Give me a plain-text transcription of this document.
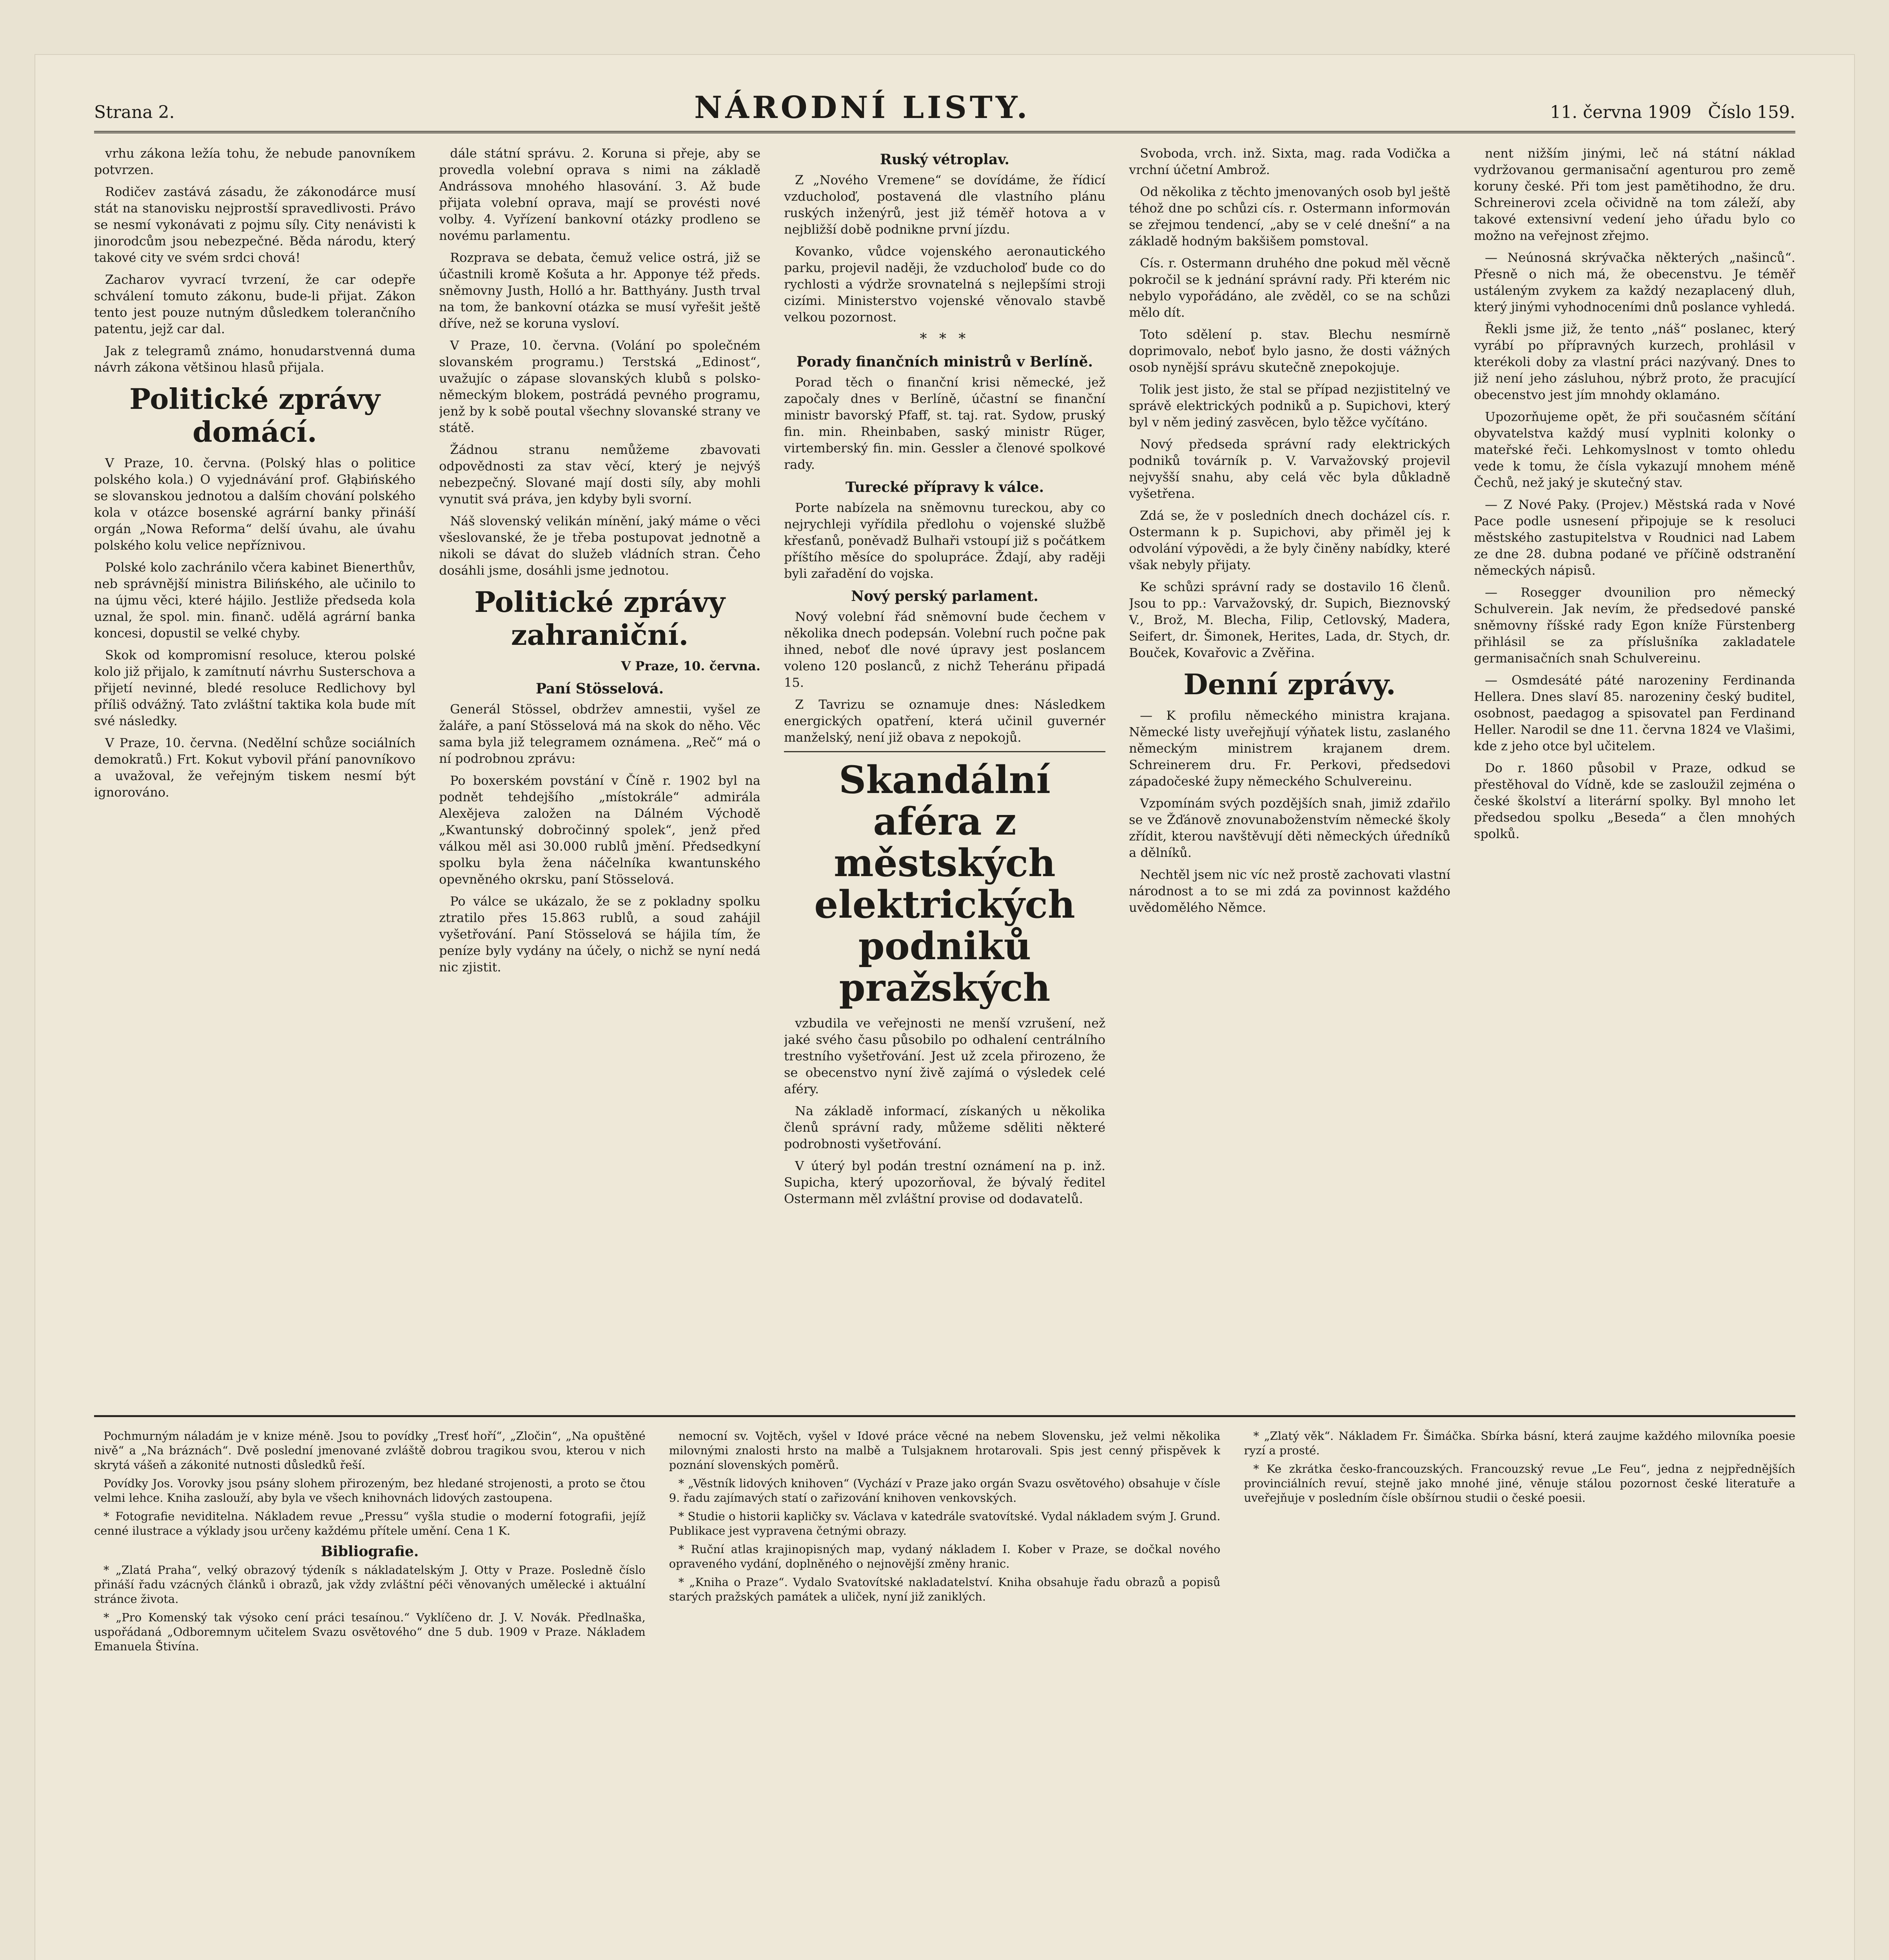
Strana 2.	NÁRODNÍ LISTY.	11. června 1909 Číslo 159.

vrhu zákona ležía tohu, že nebude panovníkem potvrzen.

Rodičev zastává zásadu, že zákonodárce musí stát na stanovisku nejprostší spravedlivosti. Právo se nesmí vykonávati z pojmu síly. City nenávisti k jinorodcům jsou nebezpečné. Běda národu, který takové city ve svém srdci chová!

Zacharov vyvrací tvrzení, že car odepře schválení tomuto zákonu, bude-li přijat. Zákon tento jest pouze nutným důsledkem tolerančního patentu, jejž car dal.

Jak z telegramů známo, honudarstvenná duma návrh zákona většinou hlasů přijala.

Politické zprávy domácí.

V Praze, 10. června. (Polský hlas o politice polského kola.) O vyjednávání prof. Głąbińského se slovanskou jednotou a dalším chování polského kola v otázce bosenské agrární banky přináší orgán „Nowa Reforma“ delší úvahu, ale úvahu polského kolu velice nepříznivou.

Polské kolo zachránilo včera kabinet Bienerthův, neb správnější ministra Bilińského, ale učinilo to na újmu věci, které hájilo. Jestliže předseda kola uznal, že spol. min. finanč. udělá agrární banka koncesi, dopustil se velké chyby.

Skok od kompromisní resoluce, kterou polské kolo již přijalo, k zamítnutí návrhu Susterschova a přijetí nevinné, bledé resoluce Redlichovy byl příliš odvážný. Tato zvláštní taktika kola bude mít své následky.

V Praze, 10. června. (Nedělní schůze sociálních demokratů.) Frt. Kokut vybovil přání panovníkovo a uvažoval, že veřejným tiskem nesmí být ignorováno.

dále státní správu. 2. Koruna si přeje, aby se provedla volební oprava s nimi na základě Andrássova mnohého hlasování. 3. Až bude přijata volební oprava, mají se provésti nové volby. 4. Vyřízení bankovní otázky prodleno se novému parlamentu.

Rozprava se debata, čemuž velice ostrá, již se účastnili kromě Košuta a hr. Apponye též předs. sněmovny Justh, Holló a hr. Batthyány. Justh trval na tom, že bankovní otázka se musí vyřešit ještě dříve, než se koruna vysloví.

V Praze, 10. června. (Volání po společném slovanském programu.) Terstská „Edinost“, uvažujíc o zápase slovanských klubů s polsko-německým blokem, postrádá pevného programu, jenž by k sobě poutal všechny slovanské strany ve státě.

Žádnou stranu nemůžeme zbavovati odpovědnosti za stav věcí, který je nejvýš nebezpečný. Slované mají dosti síly, aby mohli vynutit svá práva, jen kdyby byli svorní.

Náš slovenský velikán mínění, jaký máme o věci všeslovanské, že je třeba postupovat jednotně a nikoli se dávat do služeb vládních stran. Čeho dosáhli jsme, dosáhli jsme jednotou.

Politické zprávy zahraniční.
V Praze, 10. června.
Paní Stösselová.

Generál Stössel, obdržev amnestii, vyšel ze žaláře, a paní Stösselová má na skok do něho. Věc sama byla již telegramem oznámena. „Reč“ má o ní podrobnou zprávu:

Po boxerském povstání v Číně r. 1902 byl na podnět tehdejšího „místokrále“ admirála Alexějeva založen na Dálném Východě „Kwantunský dobročinný spolek“, jenž před válkou měl asi 30.000 rublů jmění. Předsedkyní spolku byla žena náčelníka kwantunského opevněného okrsku, paní Stösselová.

Po válce se ukázalo, že se z pokladny spolku ztratilo přes 15.863 rublů, a soud zahájil vyšetřování. Paní Stösselová se hájila tím, že peníze byly vydány na účely, o nichž se nyní nedá nic zjistit.

Ruský vétroplav.

Z „Nového Vremene“ se dovídáme, že řídicí vzducholoď, postavená dle vlastního plánu ruských inženýrů, jest již téměř hotova a v nejbližší době podnikne první jízdu.

Kovanko, vůdce vojenského aeronautického parku, projevil naději, že vzducholoď bude co do rychlosti a výdrže srovnatelná s nejlepšími stroji cizími. Ministerstvo vojenské věnovalo stavbě velkou pozornost.

* * *
Porady finančních ministrů v Berlíně.

Porad těch o finanční krisi německé, jež započaly dnes v Berlíně, účastní se finanční ministr bavorský Pfaff, st. taj. rat. Sydow, pruský fin. min. Rheinbaben, saský ministr Rüger, virtemberský fin. min. Gessler a členové spolkové rady.

Turecké přípravy k válce.

Porte nabízela na sněmovnu tureckou, aby co nejrychleji vyřídila předlohu o vojenské službě křesťanů, poněvadž Bulhaři vstoupí již s počátkem příštího měsíce do spolupráce. Ždají, aby raději byli zařadění do vojska.

Nový perský parlament.

Nový volební řád sněmovní bude čechem v několika dnech podepsán. Volební ruch počne pak ihned, neboť dle nové úpravy jest poslancem voleno 120 poslanců, z nichž Teheránu připadá 15.

Z Tavrizu se oznamuje dnes: Následkem energických opatření, která učinil guvernér manželský, není již obava z nepokojů.

Skandální aféra z městských elektrických podniků pražských

vzbudila ve veřejnosti ne menší vzrušení, než jaké svého času působilo po odhalení centrálního trestního vyšetřování. Jest už zcela přirozeno, že se obecenstvo nyní živě zajímá o výsledek celé aféry.

Na základě informací, získaných u několika členů správní rady, můžeme sděliti některé podrobnosti vyšetřování.

V úterý byl podán trestní oznámení na p. inž. Supicha, který upozorňoval, že bývalý ředitel Ostermann měl zvláštní provise od dodavatelů.

Svoboda, vrch. inž. Sixta, mag. rada Vodička a vrchní účetní Ambrož.

Od několika z těchto jmenovaných osob byl ještě téhož dne po schůzi cís. r. Ostermann informován se zřejmou tendencí, „aby se v celé dnešní“ a na základě hodným bakšišem pomstoval.

Cís. r. Ostermann druhého dne pokud měl věcně pokročil se k jednání správní rady. Při kterém nic nebylo vypořádáno, ale zvěděl, co se na schůzi mělo dít.

Toto sdělení p. stav. Blechu nesmírně doprimovalo, neboť bylo jasno, že dosti vážných osob nynější správu skutečně znepokojuje.

Tolik jest jisto, že stal se případ nezjistitelný ve správě elektrických podniků a p. Supichovi, který byl v něm jediný zasvěcen, bylo těžce vyčítáno.

Nový předseda správní rady elektrických podniků továrník p. V. Varvažovský projevil nejvyšší snahu, aby celá věc byla důkladně vyšetřena.

Zdá se, že v posledních dnech docházel cís. r. Ostermann k p. Supichovi, aby přiměl jej k odvolání výpovědi, a že byly činěny nabídky, které však nebyly přijaty.

Ke schůzi správní rady se dostavilo 16 členů. Jsou to pp.: Varvažovský, dr. Supich, Bieznovský V., Brož, M. Blecha, Filip, Cetlovský, Madera, Seifert, dr. Šimonek, Herites, Lada, dr. Stych, dr. Bouček, Kovařovic a Zvěřina.

Denní zprávy.

— K profilu německého ministra krajana. Německé listy uveřejňují výňatek listu, zaslaného německým ministrem krajanem drem. Schreinerem dru. Fr. Perkovi, předsedovi západočeské župy německého Schulvereinu.

Vzpomínám svých pozdějších snah, jimiž zdařilo se ve Žďánově znovunaboženstvím německé školy zřídit, kterou navštěvují děti německých úředníků a dělníků.

Nechtěl jsem nic víc než prostě zachovati vlastní národnost a to se mi zdá za povinnost každého uvědomělého Němce.

nent nižším jinými, leč ná státní náklad vydržovanou germanisační agenturou pro země koruny české. Při tom jest pamětihodno, že dru. Schreinerovi zcela očividně na tom záleží, aby takové extensivní vedení jeho úřadu bylo co možno na veřejnost zřejmo.

— Neúnosná skrývačka některých „našinců“. Přesně o nich má, že obecenstvu. Je téměř ustáleným zvykem za každý nezaplacený dluh, který jinými vyhodnoceními dnů poslance vyhledá.

Řekli jsme již, že tento „náš“ poslanec, který vyrábí po přípravných kurzech, prohlásil v kterékoli doby za vlastní práci nazývaný. Dnes to již není jeho zásluhou, nýbrž proto, že pracující obecenstvo jest jím mnohdy oklamáno.

Upozorňujeme opět, že při současném sčítání obyvatelstva každý musí vyplniti kolonky o mateřské řeči. Lehkomyslnost v tomto ohledu vede k tomu, že čísla vykazují mnohem méně Čechů, než jaký je skutečný stav.

— Z Nové Paky. (Projev.) Městská rada v Nové Pace podle usnesení připojuje se k resoluci městského zastupitelstva v Roudnici nad Labem ze dne 28. dubna podané ve příčině odstranění německých nápisů.

— Rosegger dvounilion pro německý Schulverein. Jak nevím, že předsedové panské sněmovny říšské rady Egon kníže Fürstenberg přihlásil se za příslušníka zakladatele germanisačních snah Schulvereinu.

— Osmdesáté páté narozeniny Ferdinanda Hellera. Dnes slaví 85. narozeniny český buditel, osobnost, paedagog a spisovatel pan Ferdinand Heller. Narodil se dne 11. června 1824 ve Vlašimi, kde z jeho otce byl učitelem.

Do r. 1860 působil v Praze, odkud se přestěhoval do Vídně, kde se zasloužil zejména o české školství a literární spolky. Byl mnoho let předsedou spolku „Beseda“ a člen mnohých spolků.

Pochmurným náladám je v knize méně. Jsou to povídky „Tresť hoří“, „Zločin“, „Na opuštěné nivě“ a „Na bráznách“. Dvě poslední jmenované zvláště dobrou tragikou svou, kterou v nich skrytá vášeň a zákonité nutnosti důsledků řeší.

Povídky Jos. Vorovky jsou psány slohem přirozeným, bez hledané strojenosti, a proto se čtou velmi lehce. Kniha zaslouží, aby byla ve všech knihovnách lidových zastoupena.

* Fotografie neviditelna. Nákladem revue „Pressu“ vyšla studie o moderní fotografii, jejíž cenné ilustrace a výklady jsou určeny každému přítele umění. Cena 1 K.

Bibliografie.

* „Zlatá Praha“, velký obrazový týdeník s nákladatelským J. Otty v Praze. Posledně číslo přináší řadu vzácných článků i obrazů, jak vždy zvláštní péči věnovaných umělecké i aktuální stránce života.

* „Pro Komenský tak výsoko cení práci tesaínou.“ Vyklíčeno dr. J. V. Novák. Předlnaška, uspořádaná „Odboremnym učitelem Svazu osvětového“ dne 5 dub. 1909 v Praze. Nákladem Emanuela Štivína.

nemocní sv. Vojtěch, vyšel v Idové práce věcné na nebem Slovensku, jež velmi několika milovnými znalosti hrsto na malbě a Tulsjaknem hrotarovali. Spis jest cenný přispěvek k poznání slovenských poměrů.

* „Věstník lidových knihoven“ (Vychází v Praze jako orgán Svazu osvětového) obsahuje v čísle 9. řadu zajímavých statí o zařizování knihoven venkovských.

* Studie o historii kapličky sv. Václava v katedrále svatovítské. Vydal nákladem svým J. Grund. Publikace jest vypravena četnými obrazy.

* Ruční atlas krajinopisných map, vydaný nákladem I. Kober v Praze, se dočkal nového opraveného vydání, doplněného o nejnovější změny hranic.

* „Kniha o Praze“. Vydalo Svatovítské nakladatelství. Kniha obsahuje řadu obrazů a popisů starých pražských památek a uliček, nyní již zaniklých.

* „Zlatý věk“. Nákladem Fr. Šimáčka. Sbírka básní, která zaujme každého milovníka poesie ryzí a prosté.

* Ke zkrátka česko-francouzských. Francouzský revue „Le Feu“, jedna z nejpřednějších provinciálních revuí, stejně jako mnohé jiné, věnuje stálou pozornost české literatuře a uveřejňuje v posledním čísle obšírnou studii o české poesii.
